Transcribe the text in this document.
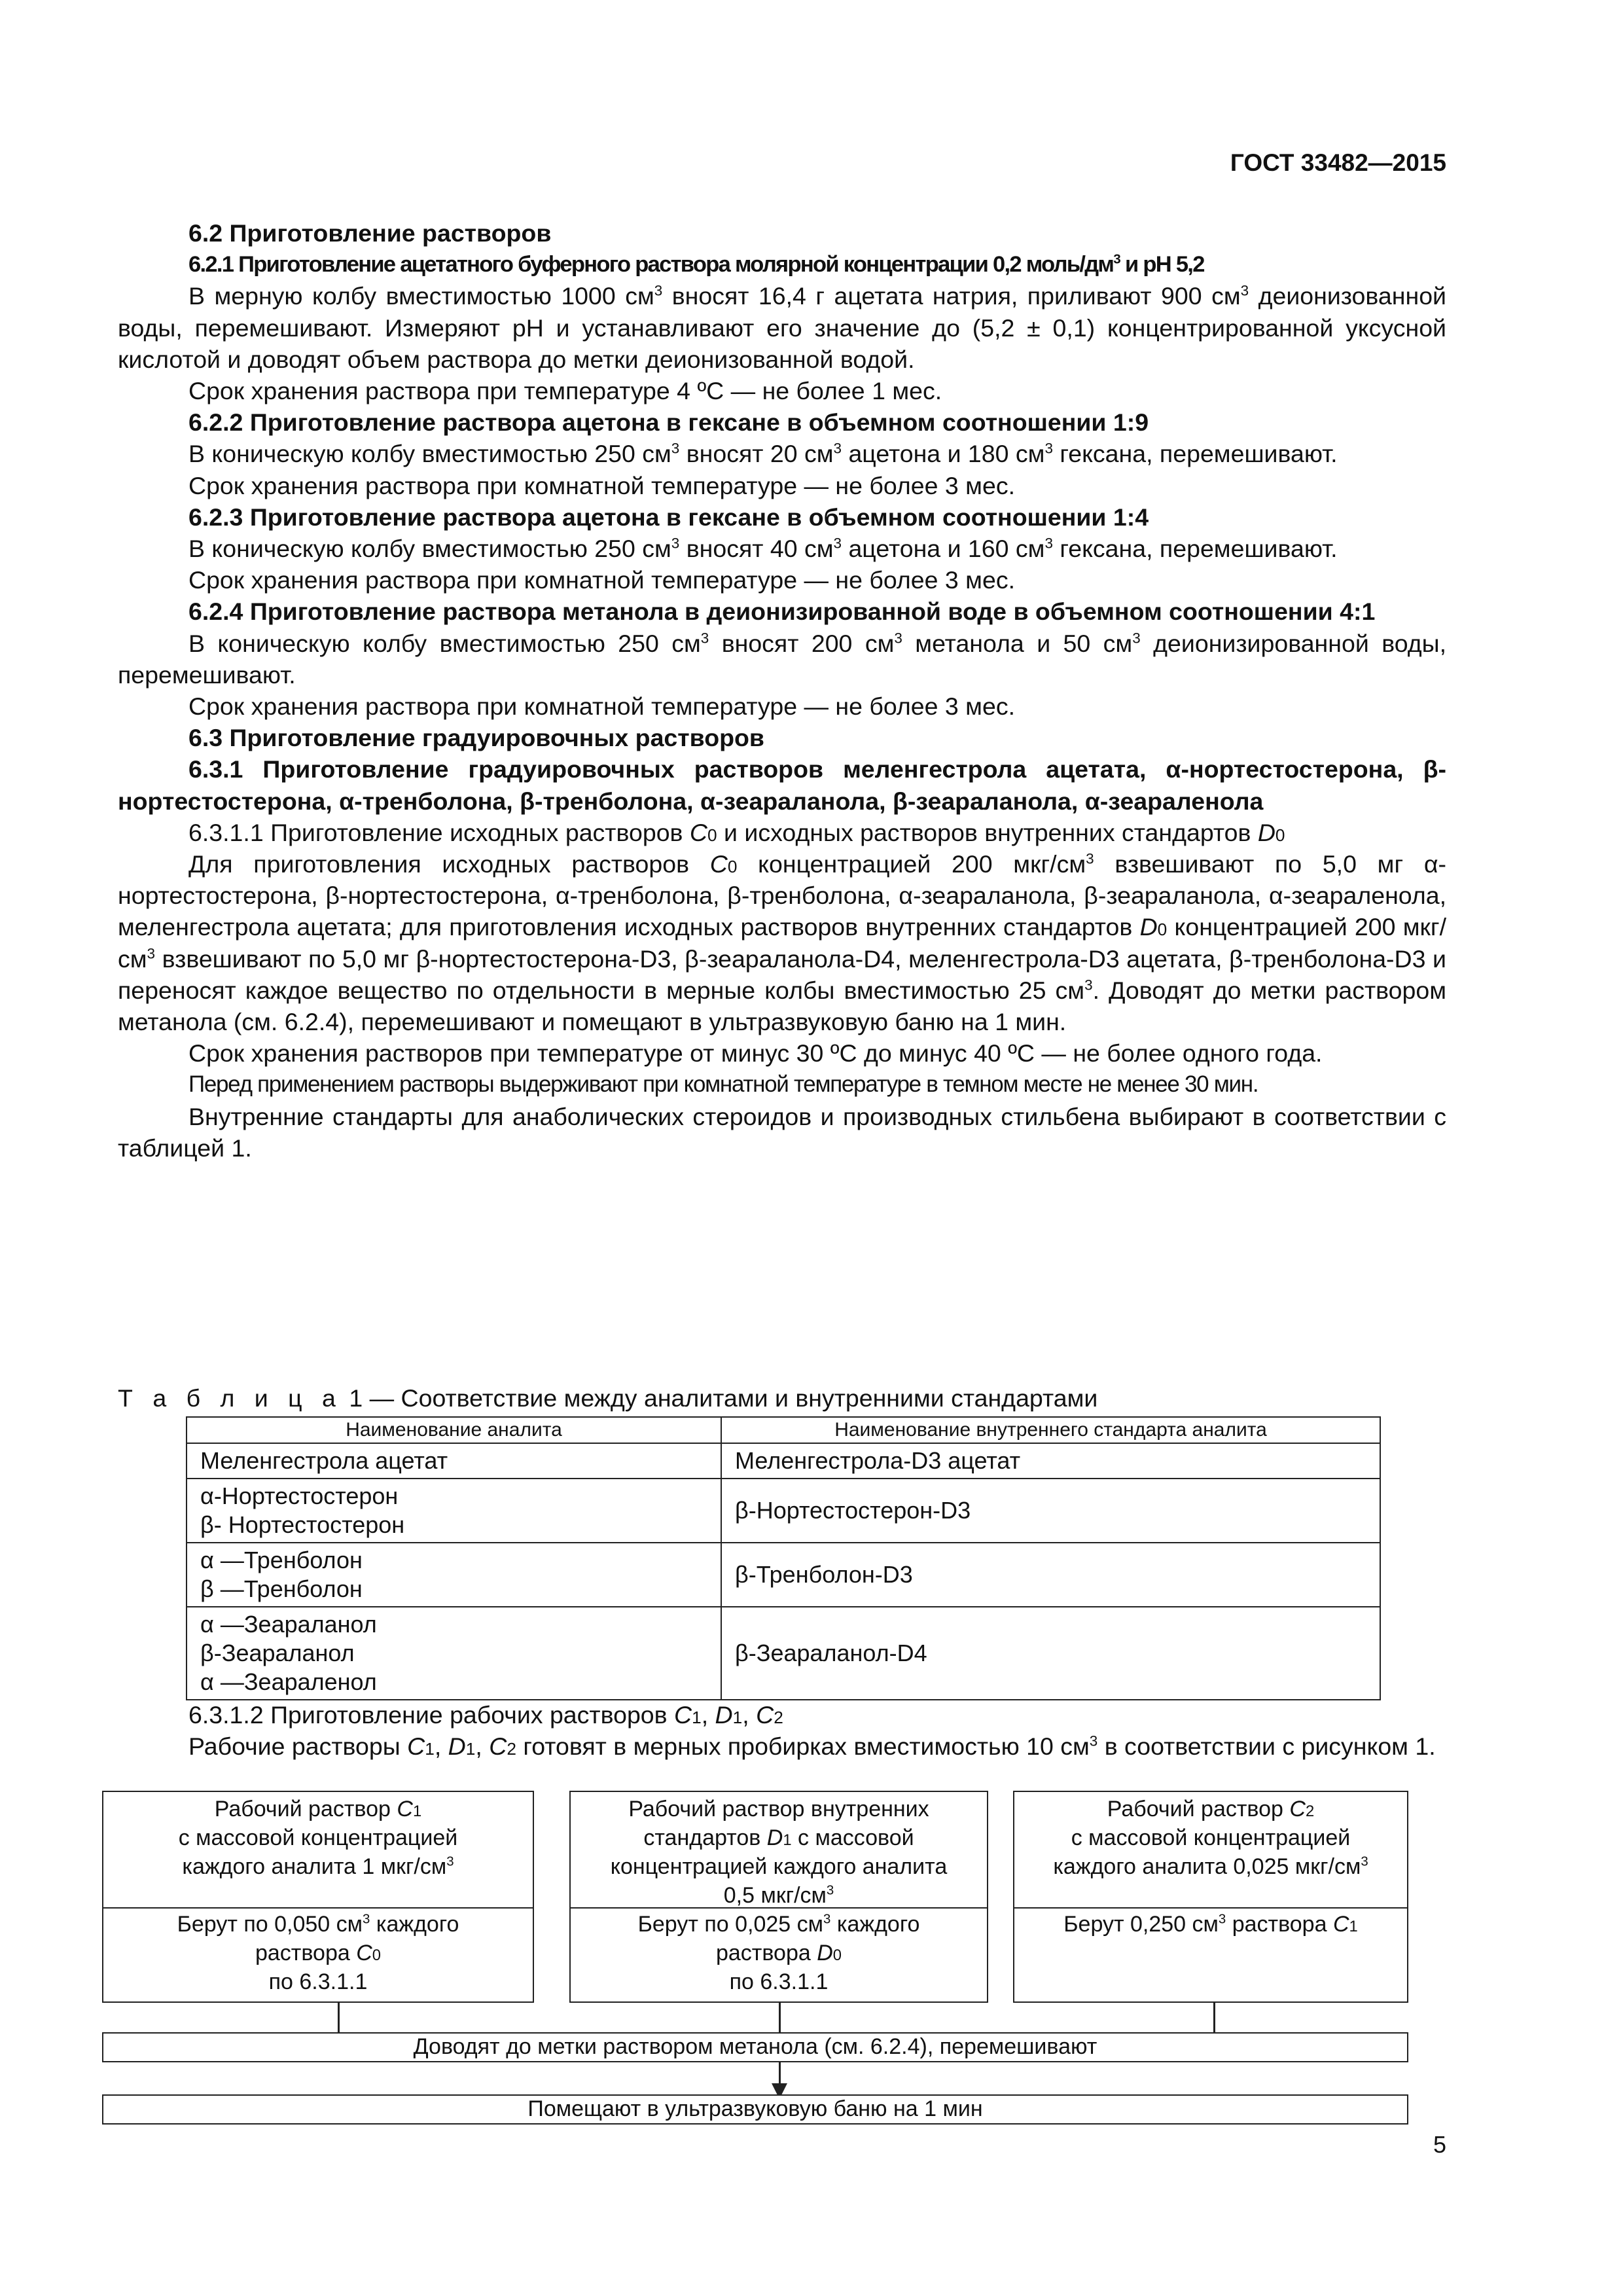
ГОСТ 33482—2015

6.2 Приготовление растворов

6.2.1 Приготовление ацетатного буферного раствора молярной концентрации 0,2 моль/$дм^3$ и рН 5,2

В мерную колбу вместимостью 1000 $см^3$ вносят 16,4 г ацетата натрия, приливают 900 $см^3$ деионизованной воды, перемешивают. Измеряют рН и устанавливают его значение до (5,2 ± 0,1) концентрированной уксусной кислотой и доводят объем раствора до метки деионизованной водой.

Срок хранения раствора при температуре 4 ºС — не более 1 мес.

6.2.2 Приготовление раствора ацетона в гексане в объемном соотношении 1:9

В коническую колбу вместимостью 250 $см^3$ вносят 20 $см^3$ ацетона и 180 $см^3$ гексана, перемешивают.

Срок хранения раствора при комнатной температуре — не более 3 мес.

6.2.3 Приготовление раствора ацетона в гексане в объемном соотношении 1:4

В коническую колбу вместимостью 250 $см^3$ вносят 40 $см^3$ ацетона и 160 $см^3$ гексана, перемешивают.

Срок хранения раствора при комнатной температуре — не более 3 мес.

6.2.4 Приготовление раствора метанола в деионизированной воде в объемном соотношении 4:1

В коническую колбу вместимостью 250 $см^3$ вносят 200 $см^3$ метанола и 50 $см^3$ деионизированной воды, перемешивают.

Срок хранения раствора при комнатной температуре — не более 3 мес.

6.3 Приготовление градуировочных растворов

6.3.1 Приготовление градуировочных растворов меленгестрола ацетата, α-нортестостерона, β-нортестостерона, α-тренболона, β-тренболона, α-зеараланола, β-зеараланола, α-зеараленола

6.3.1.1 Приготовление исходных растворов C0 и исходных растворов внутренних стандартов D0

Для приготовления исходных растворов C0 концентрацией 200 мкг/$см^3$ взвешивают по 5,0 мг α-нортестостерона, β-нортестостерона, α-тренболона, β-тренболона, α-зеараланола, β-зеараланола, α-зеараленола, меленгестрола ацетата; для приготовления исходных растворов внутренних стандартов D0 концентрацией 200 мкг/$см^3$ взвешивают по 5,0 мг β-нортестостерона-D3, β-зеараланола-D4, меленгестрола-D3 ацетата, β-тренболона-D3 и переносят каждое вещество по отдельности в мерные колбы вместимостью 25 $см^3$. Доводят до метки раствором метанола (см. 6.2.4), перемешивают и помещают в ультразвуковую баню на 1 мин.

Срок хранения растворов при температуре от минус 30 ºС до минус 40 ºС — не более одного года.

Перед применением растворы выдерживают при комнатной температуре в темном месте не менее 30 мин.

Внутренние стандарты для анаболических стероидов и производных стильбена выбирают в соответствии с таблицей 1.

Т а б л и ц а 1 — Соответствие между аналитами и внутренними стандартами
Наименование аналита	Наименование внутреннего стандарта аналита

Меленгестрола ацетат	Меленгестрола-D3 ацетат

α-Нортестостерон
β- Нортестостерон	β-Нортестостерон-D3

α —Тренболон
β —Тренболон	β-Тренболон-D3

α —Зеараланол
β-Зеараланол
α —Зеараленол	β-Зеараланол-D4

6.3.1.2 Приготовление рабочих растворов C1, D1, C2

Рабочие растворы C1, D1, C2 готовят в мерных пробирках вместимостью 10 $см^3$ в соответствии с рисунком 1.

Рабочий раствор C1
с массовой концентрацией
каждого аналита 1 мкг/$см^3$
Берут по 0,050 $см^3$ каждого
раствора C0
по 6.3.1.1
Рабочий раствор внутренних
стандартов D1 с массовой
концентрацией каждого аналита
0,5 мкг/$см^3$
Берут по 0,025 $см^3$ каждого
раствора D0
по 6.3.1.1
Рабочий раствор C2
с массовой концентрацией
каждого аналита 0,025 мкг/$см^3$
Берут 0,250 $см^3$ раствора C1
Доводят до метки раствором метанола (см. 6.2.4), перемешивают
Помещают в ультразвуковую баню на 1 мин
5
